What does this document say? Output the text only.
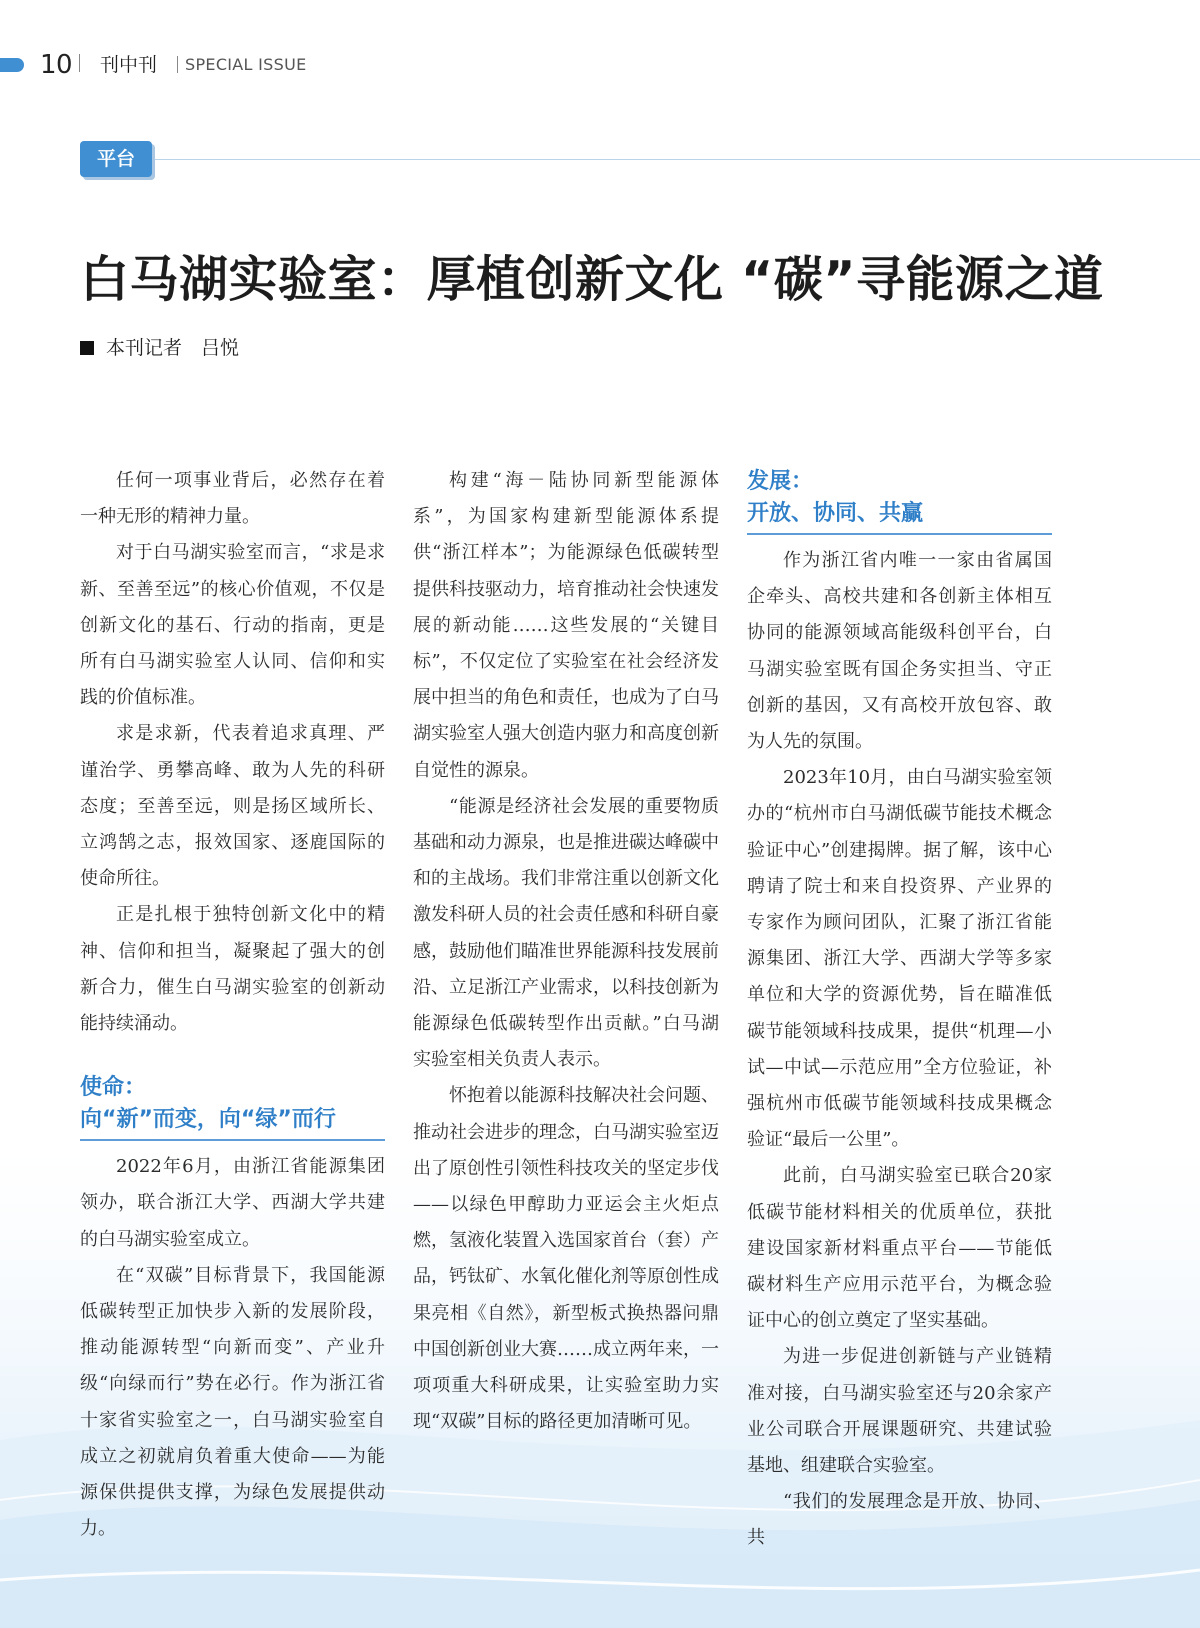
10 刊中刊 SPECIAL ISSUE
平台
白马湖实验室：厚植创新文化 “碳”寻能源之道
本刊记者　吕悦

任何一项事业背后，必然存在着一种无形的精神力量。

对于白马湖实验室而言，“求是求新、至善至远”的核心价值观，不仅是创新文化的基石、行动的指南，更是所有白马湖实验室人认同、信仰和实践的价值标准。

求是求新，代表着追求真理、严谨治学、勇攀高峰、敢为人先的科研态度；至善至远，则是扬区域所长、立鸿鹄之志，报效国家、逐鹿国际的使命所往。

正是扎根于独特创新文化中的精神、信仰和担当，凝聚起了强大的创新合力，催生白马湖实验室的创新动能持续涌动。

使命：
向“新”而变，向“绿”而行

2022年6月，由浙江省能源集团领办，联合浙江大学、西湖大学共建的白马湖实验室成立。

在“双碳”目标背景下，我国能源低碳转型正加快步入新的发展阶段，推动能源转型“向新而变”、产业升级“向绿而行”势在必行。作为浙江省十家省实验室之一，白马湖实验室自成立之初就肩负着重大使命——为能源保供提供支撑，为绿色发展提供动力。

构建“海－陆协同新型能源体系”，为国家构建新型能源体系提供“浙江样本”；为能源绿色低碳转型提供科技驱动力，培育推动社会快速发展的新动能……这些发展的“关键目标”，不仅定位了实验室在社会经济发展中担当的角色和责任，也成为了白马湖实验室人强大创造内驱力和高度创新自觉性的源泉。

“能源是经济社会发展的重要物质基础和动力源泉，也是推进碳达峰碳中和的主战场。我们非常注重以创新文化激发科研人员的社会责任感和科研自豪感，鼓励他们瞄准世界能源科技发展前沿、立足浙江产业需求，以科技创新为能源绿色低碳转型作出贡献。”白马湖实验室相关负责人表示。

怀抱着以能源科技解决社会问题、推动社会进步的理念，白马湖实验室迈出了原创性引领性科技攻关的坚定步伐——以绿色甲醇助力亚运会主火炬点燃，氢液化装置入选国家首台（套）产品，钙钛矿、水氧化催化剂等原创性成果亮相《自然》，新型板式换热器问鼎中国创新创业大赛……成立两年来，一项项重大科研成果，让实验室助力实现“双碳”目标的路径更加清晰可见。

发展：
开放、协同、共赢

作为浙江省内唯一一家由省属国企牵头、高校共建和各创新主体相互协同的能源领域高能级科创平台，白马湖实验室既有国企务实担当、守正创新的基因，又有高校开放包容、敢为人先的氛围。

2023年10月，由白马湖实验室领办的“杭州市白马湖低碳节能技术概念验证中心”创建揭牌。据了解，该中心聘请了院士和来自投资界、产业界的专家作为顾问团队，汇聚了浙江省能源集团、浙江大学、西湖大学等多家单位和大学的资源优势，旨在瞄准低碳节能领域科技成果，提供“机理—小试—中试—示范应用”全方位验证，补强杭州市低碳节能领域科技成果概念验证“最后一公里”。

此前，白马湖实验室已联合20家低碳节能材料相关的优质单位，获批建设国家新材料重点平台——节能低碳材料生产应用示范平台，为概念验证中心的创立奠定了坚实基础。

为进一步促进创新链与产业链精准对接，白马湖实验室还与20余家产业公司联合开展课题研究、共建试验基地、组建联合实验室。

“我们的发展理念是开放、协同、共
